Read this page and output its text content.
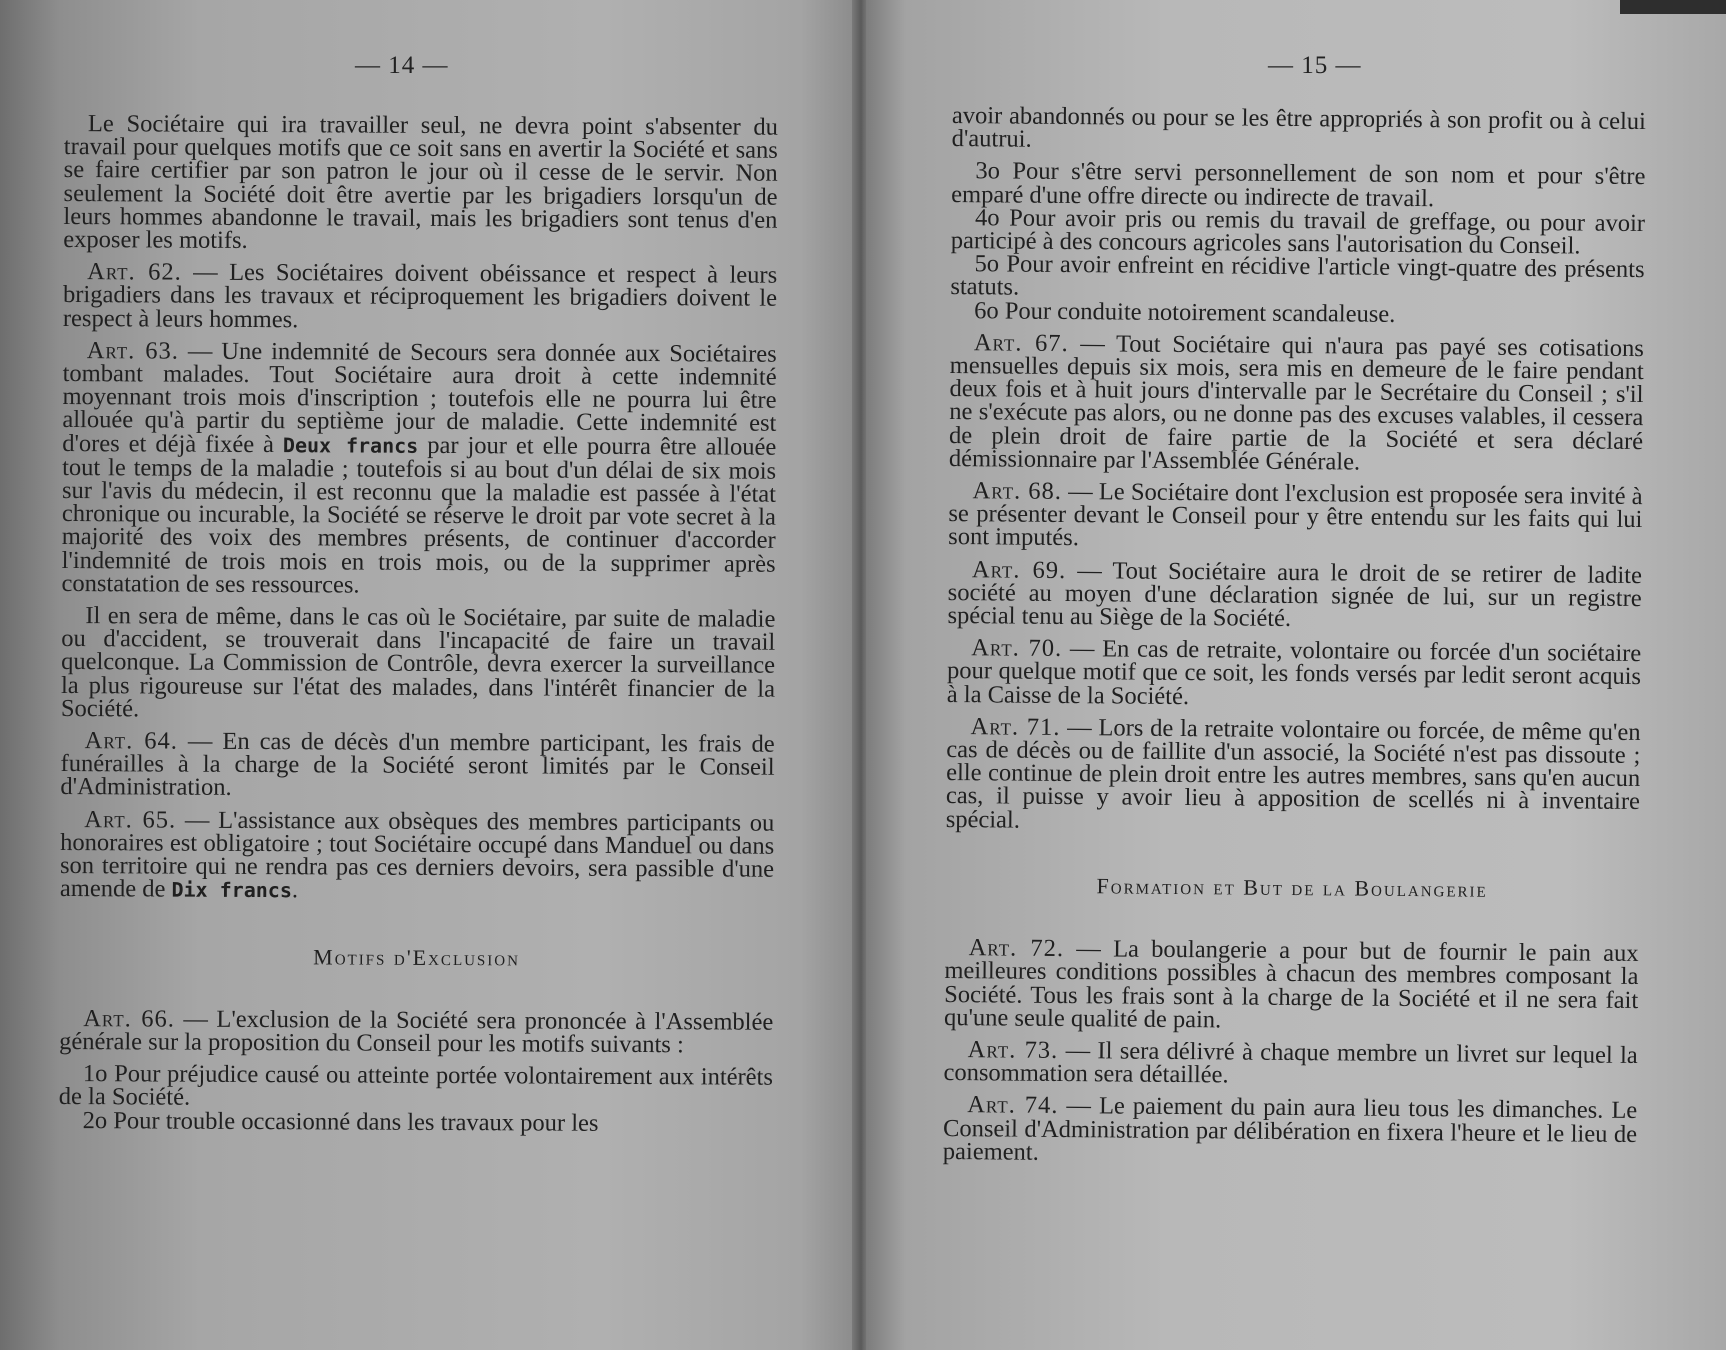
— 14 —

Le Sociétaire qui ira travailler seul, ne devra point s'absenter du travail pour quelques motifs que ce soit sans en avertir la Société et sans se faire certifier par son patron le jour où il cesse de le servir. Non seulement la Société doit être avertie par les brigadiers lorsqu'un de leurs hommes abandonne le travail, mais les brigadiers sont tenus d'en exposer les motifs.

Art. 62. — Les Sociétaires doivent obéissance et respect à leurs brigadiers dans les travaux et réciproquement les brigadiers doivent le respect à leurs hommes.

Art. 63. — Une indemnité de Secours sera donnée aux Sociétaires tombant malades. Tout Sociétaire aura droit à cette indemnité moyennant trois mois d'inscription ; toutefois elle ne pourra lui être allouée qu'à partir du septième jour de maladie. Cette indemnité est d'ores et déjà fixée à Deux francs par jour et elle pourra être allouée tout le temps de la maladie ; toutefois si au bout d'un délai de six mois sur l'avis du médecin, il est reconnu que la maladie est passée à l'état chronique ou incurable, la Société se réserve le droit par vote secret à la majorité des voix des membres présents, de continuer d'accorder l'indemnité de trois mois en trois mois, ou de la supprimer après constatation de ses ressources.

Il en sera de même, dans le cas où le Sociétaire, par suite de maladie ou d'accident, se trouverait dans l'incapacité de faire un travail quelconque. La Commission de Contrôle, devra exercer la surveillance la plus rigoureuse sur l'état des malades, dans l'intérêt financier de la Société.

Art. 64. — En cas de décès d'un membre participant, les frais de funérailles à la charge de la Société seront limités par le Conseil d'Administration.

Art. 65. — L'assistance aux obsèques des membres participants ou honoraires est obligatoire ; tout Sociétaire occupé dans Manduel ou dans son territoire qui ne rendra pas ces derniers devoirs, sera passible d'une amende de Dix francs.

Motifs d'Exclusion

Art. 66. — L'exclusion de la Société sera prononcée à l'Assemblée générale sur la proposition du Conseil pour les motifs suivants :

1o Pour préjudice causé ou atteinte portée volontairement aux intérêts de la Société.

2o Pour trouble occasionné dans les travaux pour les

— 15 —

avoir abandonnés ou pour se les être appropriés à son profit ou à celui d'autrui.

3o Pour s'être servi personnellement de son nom et pour s'être emparé d'une offre directe ou indirecte de travail.

4o Pour avoir pris ou remis du travail de greffage, ou pour avoir participé à des concours agricoles sans l'autorisation du Conseil.

5o Pour avoir enfreint en récidive l'article vingt-quatre des présents statuts.

6o Pour conduite notoirement scandaleuse.

Art. 67. — Tout Sociétaire qui n'aura pas payé ses cotisations mensuelles depuis six mois, sera mis en demeure de le faire pendant deux fois et à huit jours d'intervalle par le Secrétaire du Conseil ; s'il ne s'exécute pas alors, ou ne donne pas des excuses valables, il cessera de plein droit de faire partie de la Société et sera déclaré démissionnaire par l'Assemblée Générale.

Art. 68. — Le Sociétaire dont l'exclusion est proposée sera invité à se présenter devant le Conseil pour y être entendu sur les faits qui lui sont imputés.

Art. 69. — Tout Sociétaire aura le droit de se retirer de ladite société au moyen d'une déclaration signée de lui, sur un registre spécial tenu au Siège de la Société.

Art. 70. — En cas de retraite, volontaire ou forcée d'un sociétaire pour quelque motif que ce soit, les fonds versés par ledit seront acquis à la Caisse de la Société.

Art. 71. — Lors de la retraite volontaire ou forcée, de même qu'en cas de décès ou de faillite d'un associé, la Société n'est pas dissoute ; elle continue de plein droit entre les autres membres, sans qu'en aucun cas, il puisse y avoir lieu à apposition de scellés ni à inventaire spécial.

Formation et But de la Boulangerie

Art. 72. — La boulangerie a pour but de fournir le pain aux meilleures conditions possibles à chacun des membres composant la Société. Tous les frais sont à la charge de la Société et il ne sera fait qu'une seule qualité de pain.

Art. 73. — Il sera délivré à chaque membre un livret sur lequel la consommation sera détaillée.

Art. 74. — Le paiement du pain aura lieu tous les dimanches. Le Conseil d'Administration par délibération en fixera l'heure et le lieu de paiement.
